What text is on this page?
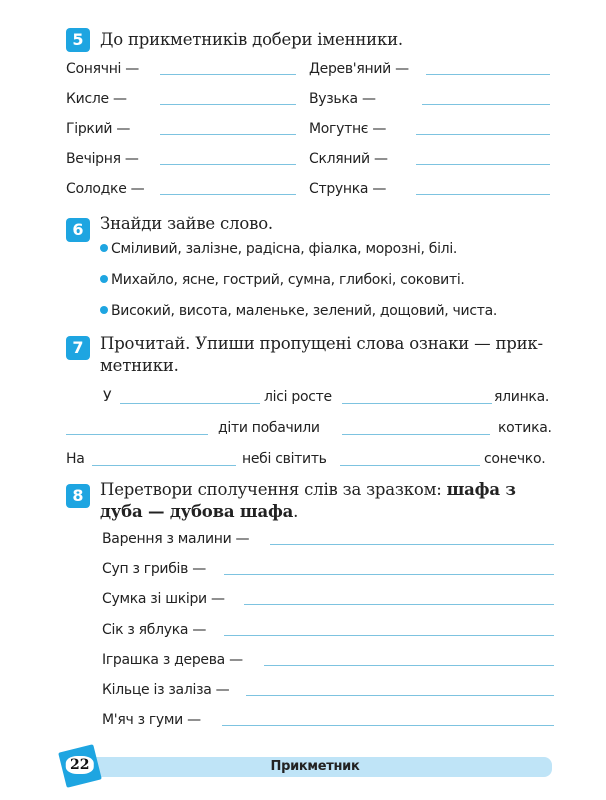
5 До прикметників добери іменники.
Сонячні —	Дерев'яний —
Кисле —	Вузька —
Гіркий —	Могутнє —
Вечірня —	Скляний —
Солодке —	Струнка —
6 Знайди зайве слово.
Сміливий, залізне, радісна, фіалка, морозні, білі.
Михайло, ясне, гострий, сумна, глибокі, соковиті.
Високий, висота, маленьке, зелений, дощовий, чиста.
7 Прочитай. Упиши пропущені слова ознаки — прик-
метники.
У	лісі росте	ялинка.
діти побачили	котика.
На	небі світить	сонечко.
8 Перетвори сполучення слів за зразком: шафа з
дуба — дубова шафа.
Варення з малини —
Суп з грибів —
Сумка зі шкіри —
Сік з яблука —
Іграшка з дерева —
Кільце із заліза —
М'яч з гуми —
Прикметник
22
